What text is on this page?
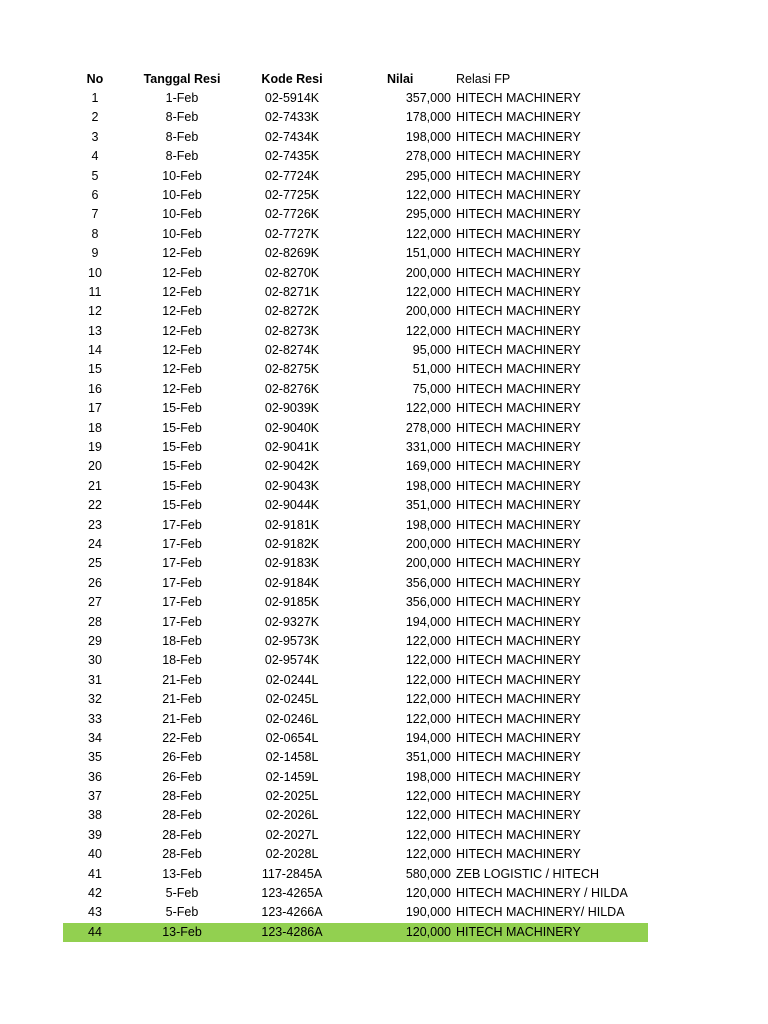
No	Tanggal Resi	Kode Resi	Nilai	Relasi FP
1	1-Feb	02-5914K	357,000 HITECH MACHINERY
2	8-Feb	02-7433K	178,000 HITECH MACHINERY
3	8-Feb	02-7434K	198,000 HITECH MACHINERY
4	8-Feb	02-7435K	278,000 HITECH MACHINERY
5	10-Feb	02-7724K	295,000 HITECH MACHINERY
6	10-Feb	02-7725K	122,000 HITECH MACHINERY
7	10-Feb	02-7726K	295,000 HITECH MACHINERY
8	10-Feb	02-7727K	122,000 HITECH MACHINERY
9	12-Feb	02-8269K	151,000 HITECH MACHINERY
10	12-Feb	02-8270K	200,000 HITECH MACHINERY
11	12-Feb	02-8271K	122,000 HITECH MACHINERY
12	12-Feb	02-8272K	200,000 HITECH MACHINERY
13	12-Feb	02-8273K	122,000 HITECH MACHINERY
14	12-Feb	02-8274K	95,000 HITECH MACHINERY
15	12-Feb	02-8275K	51,000 HITECH MACHINERY
16	12-Feb	02-8276K	75,000 HITECH MACHINERY
17	15-Feb	02-9039K	122,000 HITECH MACHINERY
18	15-Feb	02-9040K	278,000 HITECH MACHINERY
19	15-Feb	02-9041K	331,000 HITECH MACHINERY
20	15-Feb	02-9042K	169,000 HITECH MACHINERY
21	15-Feb	02-9043K	198,000 HITECH MACHINERY
22	15-Feb	02-9044K	351,000 HITECH MACHINERY
23	17-Feb	02-9181K	198,000 HITECH MACHINERY
24	17-Feb	02-9182K	200,000 HITECH MACHINERY
25	17-Feb	02-9183K	200,000 HITECH MACHINERY
26	17-Feb	02-9184K	356,000 HITECH MACHINERY
27	17-Feb	02-9185K	356,000 HITECH MACHINERY
28	17-Feb	02-9327K	194,000 HITECH MACHINERY
29	18-Feb	02-9573K	122,000 HITECH MACHINERY
30	18-Feb	02-9574K	122,000 HITECH MACHINERY
31	21-Feb	02-0244L	122,000 HITECH MACHINERY
32	21-Feb	02-0245L	122,000 HITECH MACHINERY
33	21-Feb	02-0246L	122,000 HITECH MACHINERY
34	22-Feb	02-0654L	194,000 HITECH MACHINERY
35	26-Feb	02-1458L	351,000 HITECH MACHINERY
36	26-Feb	02-1459L	198,000 HITECH MACHINERY
37	28-Feb	02-2025L	122,000 HITECH MACHINERY
38	28-Feb	02-2026L	122,000 HITECH MACHINERY
39	28-Feb	02-2027L	122,000 HITECH MACHINERY
40	28-Feb	02-2028L	122,000 HITECH MACHINERY
41	13-Feb	117-2845A	580,000 ZEB LOGISTIC / HITECH
42	5-Feb	123-4265A	120,000 HITECH MACHINERY / HILDA
43	5-Feb	123-4266A	190,000 HITECH MACHINERY/ HILDA
44	13-Feb	123-4286A	120,000 HITECH MACHINERY
